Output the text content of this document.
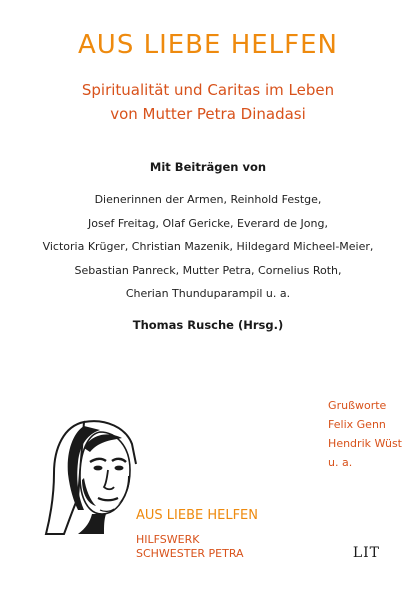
AUS LIEBE HELFEN
Spiritualität und Caritas im Leben
von Mutter Petra Dinadasi
Mit Beiträgen von
Dienerinnen der Armen, Reinhold Festge,
Josef Freitag, Olaf Gericke, Everard de Jong,
Victoria Krüger, Christian Mazenik, Hildegard Micheel-Meier,
Sebastian Panreck, Mutter Petra, Cornelius Roth,
Cherian Thunduparampil u. a.
Thomas Rusche (Hrsg.)
Grußworte
Felix Genn
Hendrik Wüst
u. a.
AUS LIEBE HELFEN
HILFSWERK
SCHWESTER PETRA	LIT
